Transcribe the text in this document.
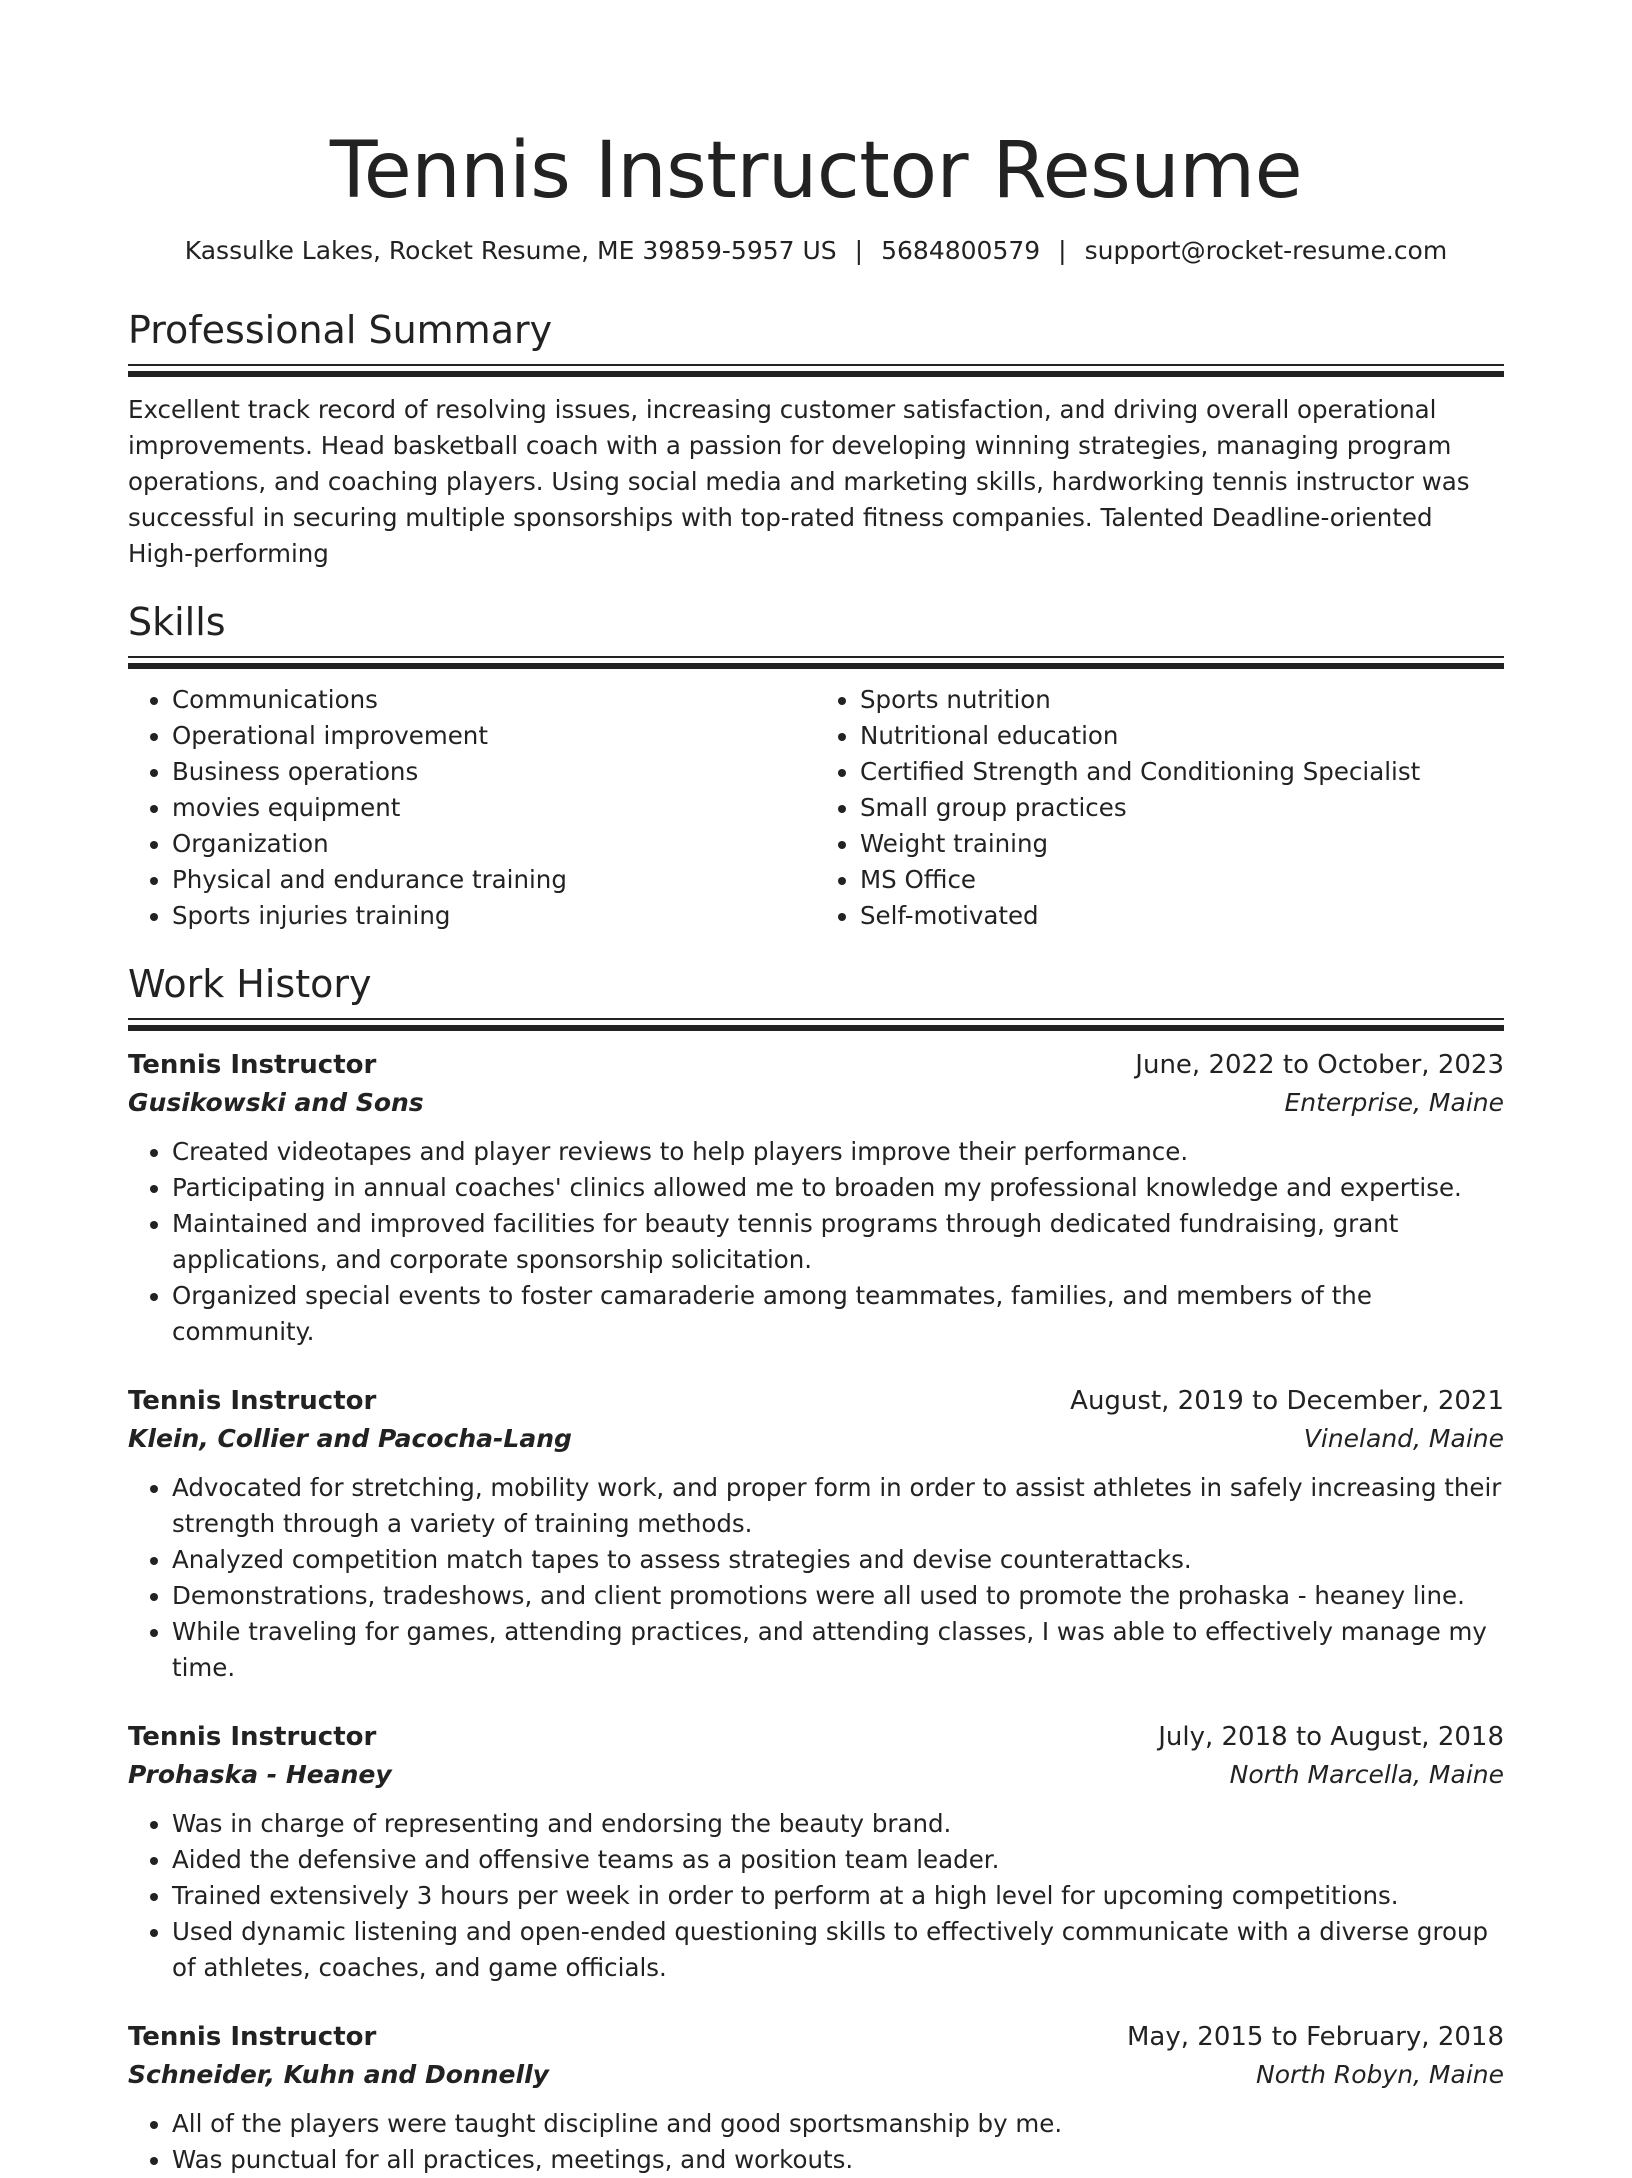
Tennis Instructor Resume
Kassulke Lakes, Rocket Resume, ME 39859-5957 US | 5684800579 | support@rocket-resume.com
Professional Summary

Excellent track record of resolving issues, increasing customer satisfaction, and driving overall operational improvements. Head basketball coach with a passion for developing winning strategies, managing program operations, and coaching players. Using social media and marketing skills, hardworking tennis instructor was successful in securing multiple sponsorships with top-rated fitness companies. Talented Deadline-oriented High-performing

Skills
• Communications
• Operational improvement
• Business operations
• movies equipment
• Organization
• Physical and endurance training
• Sports injuries training
• Sports nutrition
• Nutritional education
• Certified Strength and Conditioning Specialist
• Small group practices
• Weight training
• MS Office
• Self-motivated
Work History
Tennis Instructor	June, 2022 to October, 2023
Gusikowski and Sons	Enterprise, Maine
• Created videotapes and player reviews to help players improve their performance.
• Participating in annual coaches' clinics allowed me to broaden my professional knowledge and expertise.
• Maintained and improved facilities for beauty tennis programs through dedicated fundraising, grant applications, and corporate sponsorship solicitation.
• Organized special events to foster camaraderie among teammates, families, and members of the community.
Tennis Instructor	August, 2019 to December, 2021
Klein, Collier and Pacocha-Lang	Vineland, Maine
• Advocated for stretching, mobility work, and proper form in order to assist athletes in safely increasing their strength through a variety of training methods.
• Analyzed competition match tapes to assess strategies and devise counterattacks.
• Demonstrations, tradeshows, and client promotions were all used to promote the prohaska - heaney line.
• While traveling for games, attending practices, and attending classes, I was able to effectively manage my time.
Tennis Instructor	July, 2018 to August, 2018
Prohaska - Heaney	North Marcella, Maine
• Was in charge of representing and endorsing the beauty brand.
• Aided the defensive and offensive teams as a position team leader.
• Trained extensively 3 hours per week in order to perform at a high level for upcoming competitions.
• Used dynamic listening and open-ended questioning skills to effectively communicate with a diverse group of athletes, coaches, and game officials.
Tennis Instructor	May, 2015 to February, 2018
Schneider, Kuhn and Donnelly	North Robyn, Maine
• All of the players were taught discipline and good sportsmanship by me.
• Was punctual for all practices, meetings, and workouts.
